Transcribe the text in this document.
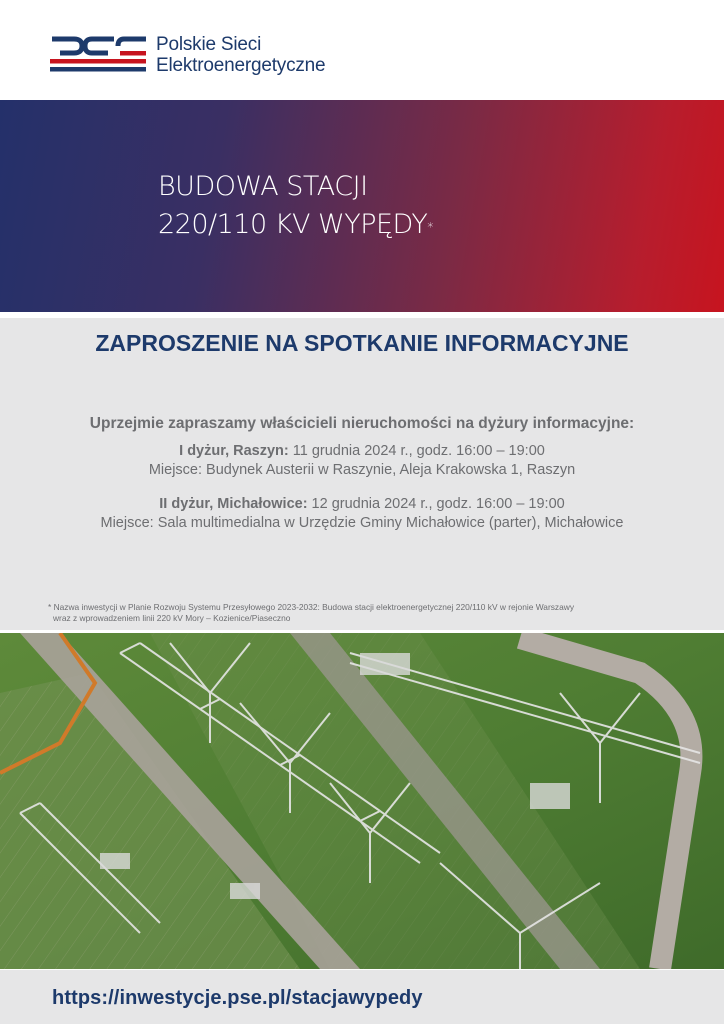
Polskie Sieci
Elektroenergetyczne
BUDOWA STACJI
220/110 KV WYPĘDY*
ZAPROSZENIE NA SPOTKANIE INFORMACYJNE
Uprzejmie zapraszamy właścicieli nieruchomości na dyżury informacyjne:
I dyżur, Raszyn: 11 grudnia 2024 r., godz. 16:00 – 19:00
Miejsce: Budynek Austerii w Raszynie, Aleja Krakowska 1, Raszyn
II dyżur, Michałowice: 12 grudnia 2024 r., godz. 16:00 – 19:00
Miejsce: Sala multimedialna w Urzędzie Gminy Michałowice (parter), Michałowice
* Nazwa inwestycji w Planie Rozwoju Systemu Przesyłowego 2023-2032: Budowa stacji elektroenergetycznej 220/110 kV w rejonie Warszawy
wraz z wprowadzeniem linii 220 kV Mory – Kozienice/Piaseczno
https://inwestycje.pse.pl/stacjawypedy
